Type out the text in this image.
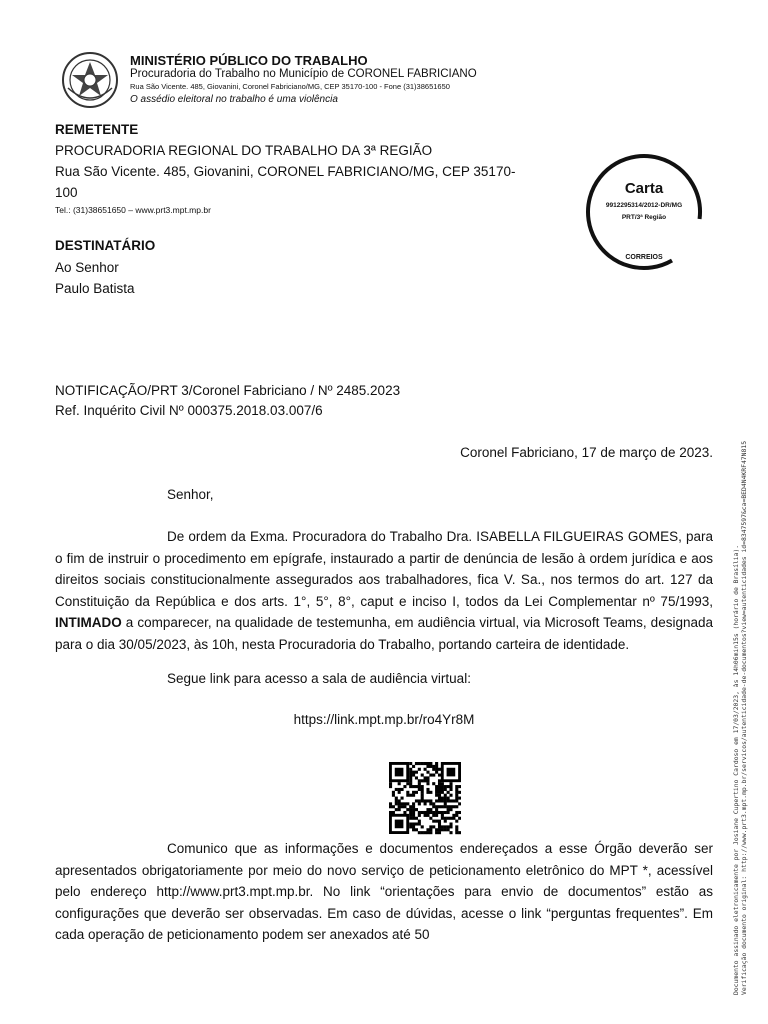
MINISTÉRIO PÚBLICO DO TRABALHO
Procuradoria do Trabalho no Município de CORONEL FABRICIANO
Rua São Vicente. 485, Giovanini, Coronel Fabriciano/MG, CEP 35170-100 - Fone (31)38651650
O assédio eleitoral no trabalho é uma violência
REMETENTE
PROCURADORIA REGIONAL DO TRABALHO DA 3ª REGIÃO
Rua São Vicente. 485, Giovanini, CORONEL FABRICIANO/MG, CEP 35170-
100
Tel.: (31)38651650 – www.prt3.mpt.mp.br
Carta
9912295314/2012-DR/MG
PRT/3ª Região
CORREIOS
DESTINATÁRIO
Ao Senhor
Paulo Batista
NOTIFICAÇÃO/PRT 3/Coronel Fabriciano / Nº 2485.2023
Ref. Inquérito Civil Nº 000375.2018.03.007/6
Coronel Fabriciano, 17 de março de 2023.
Senhor,
De ordem da Exma. Procuradora do Trabalho Dra. ISABELLA FILGUEIRAS GOMES, para o fim de instruir o procedimento em epígrafe, instaurado a partir de denúncia de lesão à ordem jurídica e aos direitos sociais constitucionalmente assegurados aos trabalhadores, fica V. Sa., nos termos do art. 127 da Constituição da República e dos arts. 1°, 5°, 8°, caput e inciso I, todos da Lei Complementar nº 75/1993, INTIMADO a comparecer, na qualidade de testemunha, em audiência virtual, via Microsoft Teams, designada para o dia 30/05/2023, às 10h, nesta Procuradoria do Trabalho, portando carteira de identidade.
Segue link para acesso a sala de audiência virtual:
https://link.mpt.mp.br/ro4Yr8M
Comunico que as informações e documentos endereçados a esse Órgão deverão ser apresentados obrigatoriamente por meio do novo serviço de peticionamento eletrônico do MPT *, acessível pelo endereço http://www.prt3.mpt.mp.br. No link “orientações para envio de documentos” estão as configurações que deverão ser observadas. Em caso de dúvidas, acesse o link “perguntas frequentes”. Em cada operação de peticionamento podem ser anexados até 50	Documento assinado eletronicamente por Josiane Cupertino Cardoso em 17/03/2023, às 14h06min15s (horário de Brasília). Verificação documento original: http://www.prt3.mpt.mp.br/servicos/autenticidade-de-documentos?view=autenticidades id=8347597&ca=BED4N4KRF47N815
